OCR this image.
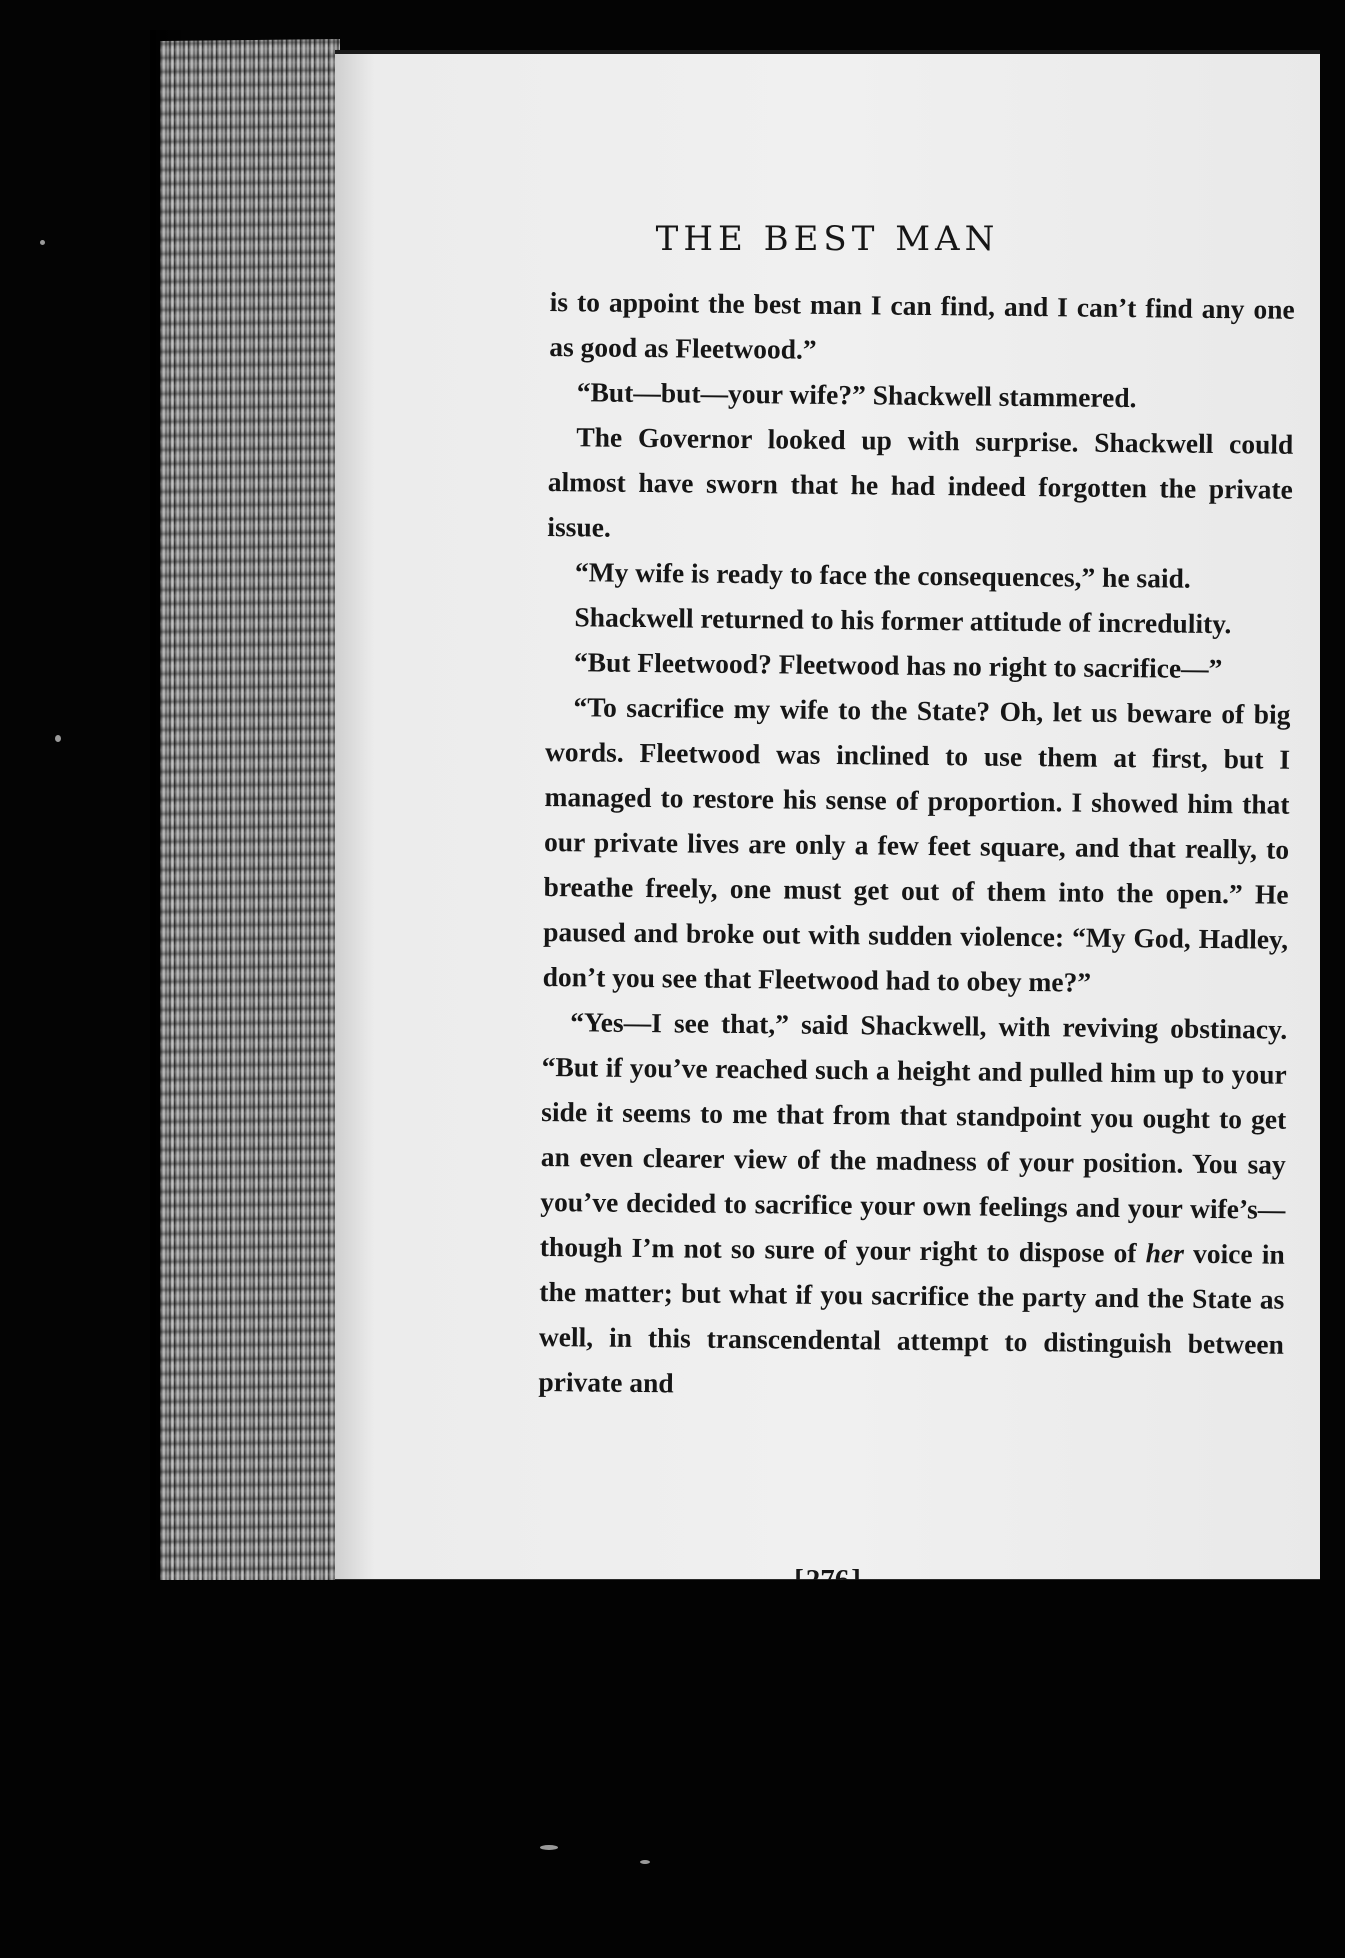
THE BEST MAN

is to appoint the best man I can find, and I can’t find any one as good as Fleetwood.”

“But—but—your wife?” Shackwell stammered.

The Governor looked up with surprise. Shackwell could almost have sworn that he had indeed forgotten the private issue.

“My wife is ready to face the consequences,” he said.

Shackwell returned to his former attitude of incredulity.

“But Fleetwood? Fleetwood has no right to sacrifice—”

“To sacrifice my wife to the State? Oh, let us beware of big words. Fleetwood was inclined to use them at first, but I managed to restore his sense of proportion. I showed him that our private lives are only a few feet square, and that really, to breathe freely, one must get out of them into the open.” He paused and broke out with sudden violence: “My God, Hadley, don’t you see that Fleetwood had to obey me?”

“Yes—I see that,” said Shackwell, with reviving obstinacy. “But if you’ve reached such a height and pulled him up to your side it seems to me that from that standpoint you ought to get an even clearer view of the madness of your position. You say you’ve decided to sacrifice your own feelings and your wife’s—though I’m not so sure of your right to dispose of her voice in the matter; but what if you sacrifice the party and the State as well, in this transcendental attempt to distinguish between private and
